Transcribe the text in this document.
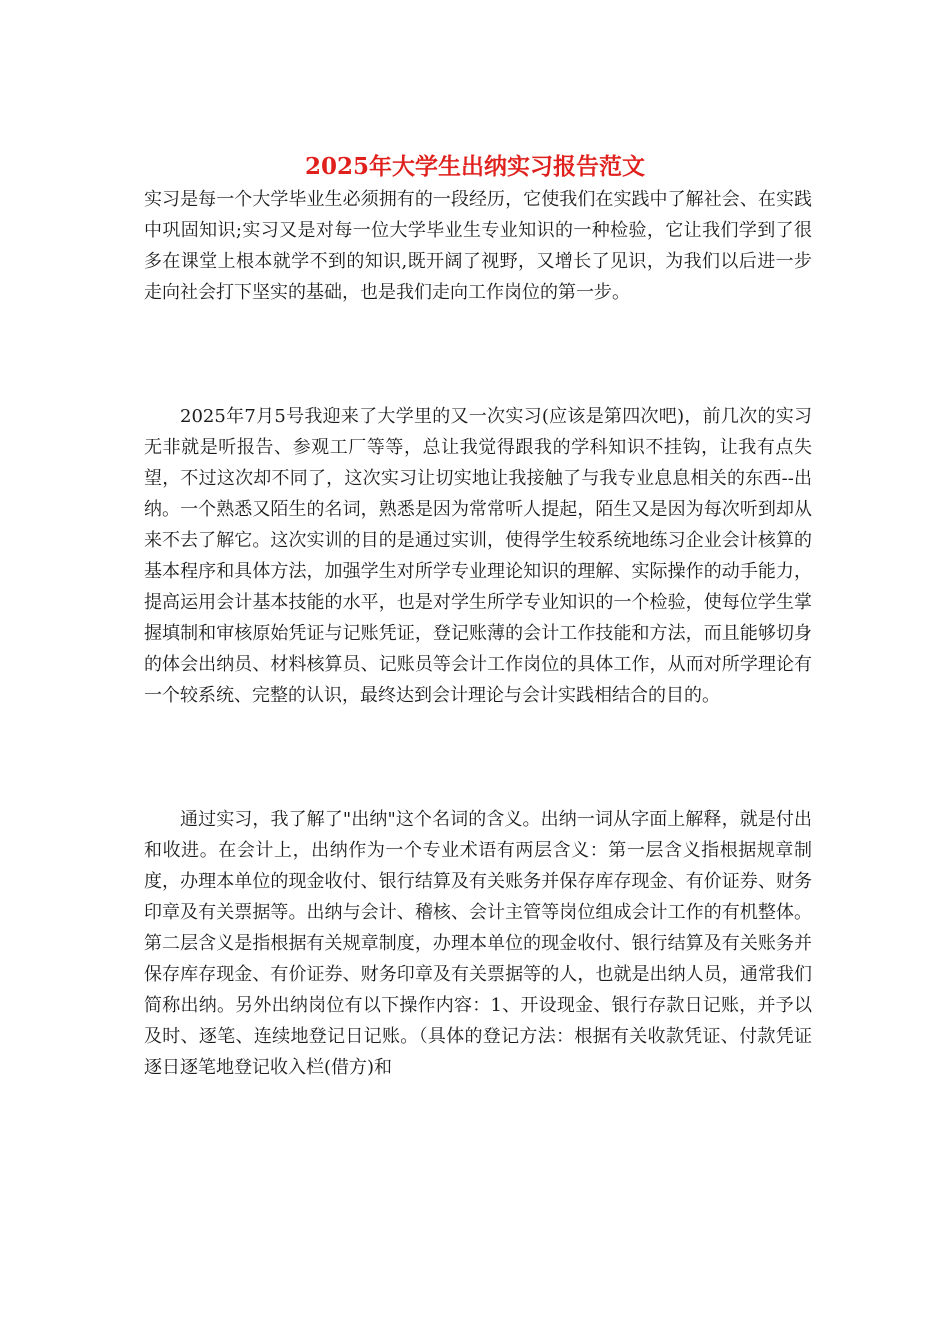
2025年大学生出纳实习报告范文

实习是每一个大学毕业生必须拥有的一段经历，它使我们在实践中了解社会、在实践中巩固知识;实习又是对每一位大学毕业生专业知识的一种检验，它让我们学到了很多在课堂上根本就学不到的知识,既开阔了视野，又增长了见识，为我们以后进一步走向社会打下坚实的基础，也是我们走向工作岗位的第一步。

2025年7月5号我迎来了大学里的又一次实习(应该是第四次吧)，前几次的实习无非就是听报告、参观工厂等等，总让我觉得跟我的学科知识不挂钩，让我有点失望，不过这次却不同了，这次实习让切实地让我接触了与我专业息息相关的东西--出纳。一个熟悉又陌生的名词，熟悉是因为常常听人提起，陌生又是因为每次听到却从来不去了解它。这次实训的目的是通过实训，使得学生较系统地练习企业会计核算的基本程序和具体方法，加强学生对所学专业理论知识的理解、实际操作的动手能力，提高运用会计基本技能的水平，也是对学生所学专业知识的一个检验，使每位学生掌握填制和审核原始凭证与记账凭证，登记账薄的会计工作技能和方法，而且能够切身的体会出纳员、材料核算员、记账员等会计工作岗位的具体工作，从而对所学理论有一个较系统、完整的认识，最终达到会计理论与会计实践相结合的目的。

通过实习，我了解了"出纳"这个名词的含义。出纳一词从字面上解释，就是付出和收进。在会计上，出纳作为一个专业术语有两层含义：第一层含义指根据规章制度，办理本单位的现金收付、银行结算及有关账务并保存库存现金、有价证券、财务印章及有关票据等。出纳与会计、稽核、会计主管等岗位组成会计工作的有机整体。第二层含义是指根据有关规章制度，办理本单位的现金收付、银行结算及有关账务并保存库存现金、有价证券、财务印章及有关票据等的人，也就是出纳人员，通常我们简称出纳。另外出纳岗位有以下操作内容：1、开设现金、银行存款日记账，并予以及时、逐笔、连续地登记日记账。（具体的登记方法：根据有关收款凭证、付款凭证逐日逐笔地登记收入栏(借方)和
